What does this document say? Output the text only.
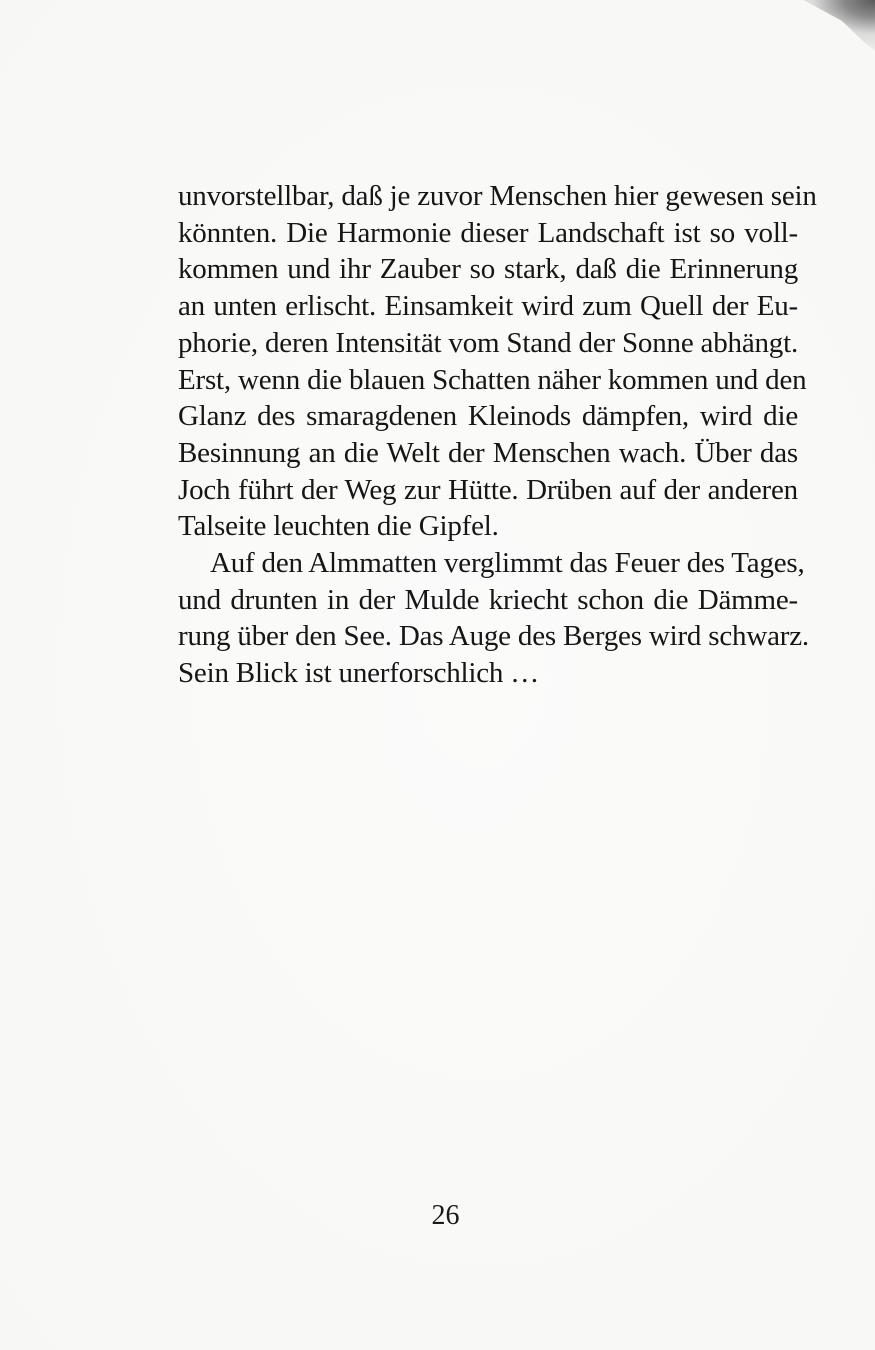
unvorstellbar, daß je zuvor Menschen hier gewesen sein
könnten. Die Harmonie dieser Landschaft ist so voll-
kommen und ihr Zauber so stark, daß die Erinnerung
an unten erlischt. Einsamkeit wird zum Quell der Eu-
phorie, deren Intensität vom Stand der Sonne abhängt.
Erst, wenn die blauen Schatten näher kommen und den
Glanz des smaragdenen Kleinods dämpfen, wird die
Besinnung an die Welt der Menschen wach. Über das
Joch führt der Weg zur Hütte. Drüben auf der anderen
Talseite leuchten die Gipfel.

Auf den Almmatten verglimmt das Feuer des Tages,
und drunten in der Mulde kriecht schon die Dämme-
rung über den See. Das Auge des Berges wird schwarz.
Sein Blick ist unerforschlich …

26
